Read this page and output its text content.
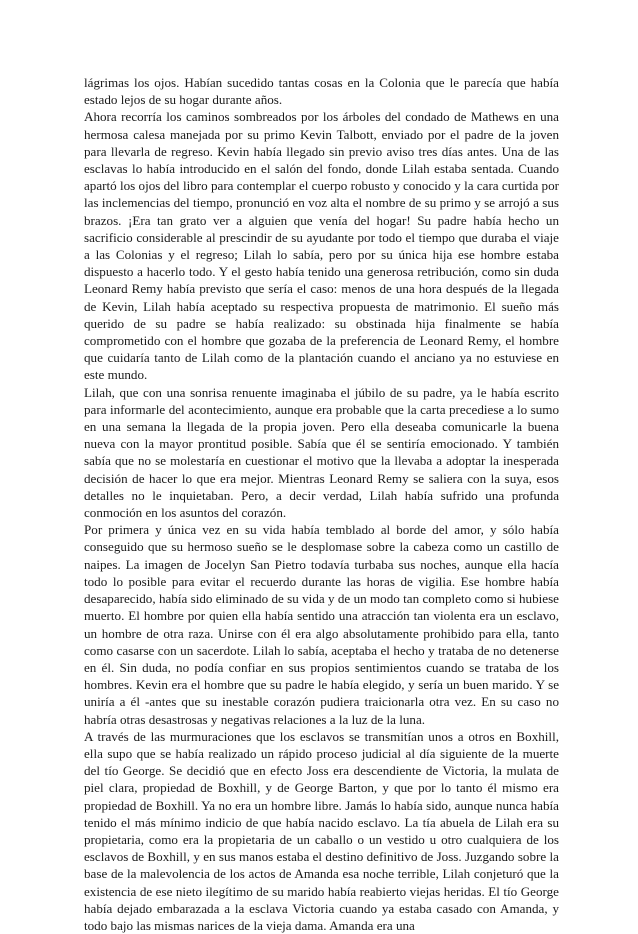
lágrimas los ojos. Habían sucedido tantas cosas en la Colonia que le parecía que había estado lejos de su hogar durante años.

Ahora recorría los caminos sombreados por los árboles del condado de Mathews en una hermosa calesa manejada por su primo Kevin Talbott, enviado por el padre de la joven para llevarla de regreso. Kevin había llegado sin previo aviso tres días antes. Una de las esclavas lo había introducido en el salón del fondo, donde Lilah estaba sentada. Cuando apartó los ojos del libro para contemplar el cuerpo robusto y conocido y la cara curtida por las inclemencias del tiempo, pronunció en voz alta el nombre de su primo y se arrojó a sus brazos. ¡Era tan grato ver a alguien que venía del hogar! Su padre había hecho un sacrificio considerable al prescindir de su ayudante por todo el tiempo que duraba el viaje a las Colonias y el regreso; Lilah lo sabía, pero por su única hija ese hombre estaba dispuesto a hacerlo todo. Y el gesto había tenido una generosa retribución, como sin duda Leonard Remy había previsto que sería el caso: menos de una hora después de la llegada de Kevin, Lilah había aceptado su respectiva propuesta de matrimonio. El sueño más querido de su padre se había realizado: su obstinada hija finalmente se había comprometido con el hombre que gozaba de la preferencia de Leonard Remy, el hombre que cuidaría tanto de Lilah como de la plantación cuando el anciano ya no estuviese en este mundo.

Lilah, que con una sonrisa renuente imaginaba el júbilo de su padre, ya le había escrito para informarle del acontecimiento, aunque era probable que la carta precediese a lo sumo en una semana la llegada de la propia joven. Pero ella deseaba comunicarle la buena nueva con la mayor prontitud posible. Sabía que él se sentiría emocionado. Y también sabía que no se molestaría en cuestionar el motivo que la llevaba a adoptar la inesperada decisión de hacer lo que era mejor. Mientras Leonard Remy se saliera con la suya, esos detalles no le inquietaban. Pero, a decir verdad, Lilah había sufrido una profunda conmoción en los asuntos del corazón.

Por primera y única vez en su vida había temblado al borde del amor, y sólo había conseguido que su hermoso sueño se le desplomase sobre la cabeza como un castillo de naipes. La imagen de Jocelyn San Pietro todavía turbaba sus noches, aunque ella hacía todo lo posible para evitar el recuerdo durante las horas de vigilia. Ese hombre había desaparecido, había sido eliminado de su vida y de un modo tan completo como si hubiese muerto. El hombre por quien ella había sentido una atracción tan violenta era un esclavo, un hombre de otra raza. Unirse con él era algo absolutamente prohibido para ella, tanto como casarse con un sacerdote. Lilah lo sabía, aceptaba el hecho y trataba de no detenerse en él. Sin duda, no podía confiar en sus propios sentimientos cuando se trataba de los hombres. Kevin era el hombre que su padre le había elegido, y sería un buen marido. Y se uniría a él -antes que su inestable corazón pudiera traicionarla otra vez. En su caso no habría otras desastrosas y negativas relaciones a la luz de la luna.

A través de las murmuraciones que los esclavos se transmitían unos a otros en Boxhill, ella supo que se había realizado un rápido proceso judicial al día siguiente de la muerte del tío George. Se decidió que en efecto Joss era descendiente de Victoria, la mulata de piel clara, propiedad de Boxhill, y de George Barton, y que por lo tanto él mismo era propiedad de Boxhill. Ya no era un hombre libre. Jamás lo había sido, aunque nunca había tenido el más mínimo indicio de que había nacido esclavo. La tía abuela de Lilah era su propietaria, como era la propietaria de un caballo o un vestido u otro cualquiera de los esclavos de Boxhill, y en sus manos estaba el destino definitivo de Joss. Juzgando sobre la base de la malevolencia de los actos de Amanda esa noche terrible, Lilah conjeturó que la existencia de ese nieto ilegítimo de su marido había reabierto viejas heridas. El tío George había dejado embarazada a la esclava Victoria cuando ya estaba casado con Amanda, y todo bajo las mismas narices de la vieja dama. Amanda era una
